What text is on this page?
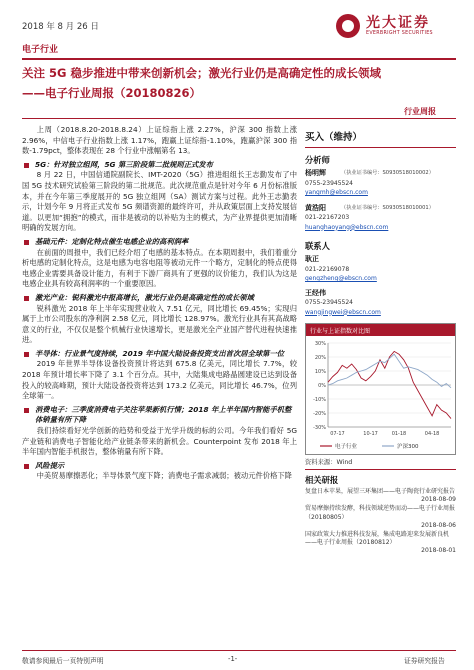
2018 年 8 月 26 日
电子行业
光大证券
EVERBRIGHT SECURITIES
关注 5G 稳步推进中带来创新机会；激光行业仍是高确定性的成长领域
——电子行业周报（20180826）
行业周报

上周（2018.8.20-2018.8.24）上证综指上涨 2.27%，沪深 300 指数上涨 2.96%，中信电子行业指数上涨 1.17%，跑赢上证综指-1.10%，跑赢沪深 300 指数-1.79pct，整体表现在 28 个行业中涨幅第名 13。

5G：针对独立组网，5G 第三阶段第二批规则正式发布

8 月 22 日，中国信通院副院长、IMT-2020（5G）推进组组长王志勤发布了中国 5G 技术研究试验第三阶段的第二批规范。此次规范重点是针对今年 6 月份标准版本，并在今年第三季度展开的 5G 独立组网（SA）测试方案与过程。此外王志勤表示，计划今年 9 月将正式发布 5G 频谱资源的最终许可，并从政策层面上支持发展信道。以更加“拥抱”的模式，而非是被动的以补贴为主的模式，为产业界提供更加清晰明确的发展方向。

基础元件：定制化特点催生电感企业的高利润率

在前面的周报中，我们已经介绍了电感的基本特点。在本期周报中，我们着重分析电感的定制化特点，这是电感为电容电阻等被动元件一个略方，定制化的特点使得电感企业需要具备设计能力，有利于下游厂商具有了更强的议价能力，我们认为这是电感企业具有较高利润率的一个重要原因。

激光产业：锐科激光中报高增长，激光行业仍是高确定性的成长领域

锐科激光 2018 年上半年实现营业收入 7.51 亿元，同比增长 69.45%；实现归属于上市公司股东的净利润 2.58 亿元，同比增长 128.97%。激光行业具有其高战略意义的行业，不仅仅是整个机械行业快速增长，更是激光全产业国产替代进程快速推进。

半导体：行业景气度持续，2019 年中国大陆设备投资支出首次居全球第一位

2019 年世界半导体设备投资预计将达到 675.8 亿美元，同比增长 7.7%，较 2018 年预计增长率下降了 3.1 个百分点。其中，大陆集成电路晶圆建设已达到设备投入的较高峰期，预计大陆设备投资将达到 173.2 亿美元，同比增长 46.7%，位列全球第一。

消费电子：三季度消费电子关注苹果新机行情；2018 年上半年国内智能手机整体销量有所下降

我们持续看好光学创新的趋势和受益于光学升级的标的公司。今年我们看好 5G 产业链和消费电子智能化给产业链条带来的新机会。Counterpoint 发布 2018 年上半年国内智能手机报告，整体销量有所下降。

风险提示

中美贸易摩擦恶化；半导体景气度下降；消费电子需求减弱；被动元件价格下降

买入（维持）
分析师
杨明辉	（执业证书编号：S0930518010002）
0755-23945524
yangmh@ebscn.com
黄浩阳	（执业证书编号：S0930518010001）
021-22167203
huanghaoyang@ebscn.com
联系人
耿正
021-22169078
gengzheng@ebscn.com
王经伟
0755-23945524
wangjingwei@ebscn.com
行业与上证指数对比图
30%
20%
10%
0%
-10%
-20%
-30%
07-17	10-17	01-18	04-18
电子行业	沪深300
资料来源：Wind
相关研报
复盘日本苹果，展望三环集团——电子陶瓷行业研究报告
2018-08-09
贸易摩擦持续发酵，科技领域逆势而动——电子行业周报（20180805）
2018-08-06
国家政策大力推进科技发展，集成电路迎来发展新良机——电子行业周报（20180812）
2018-08-01
敬请参阅最后一页特别声明	-1-	证券研究报告
